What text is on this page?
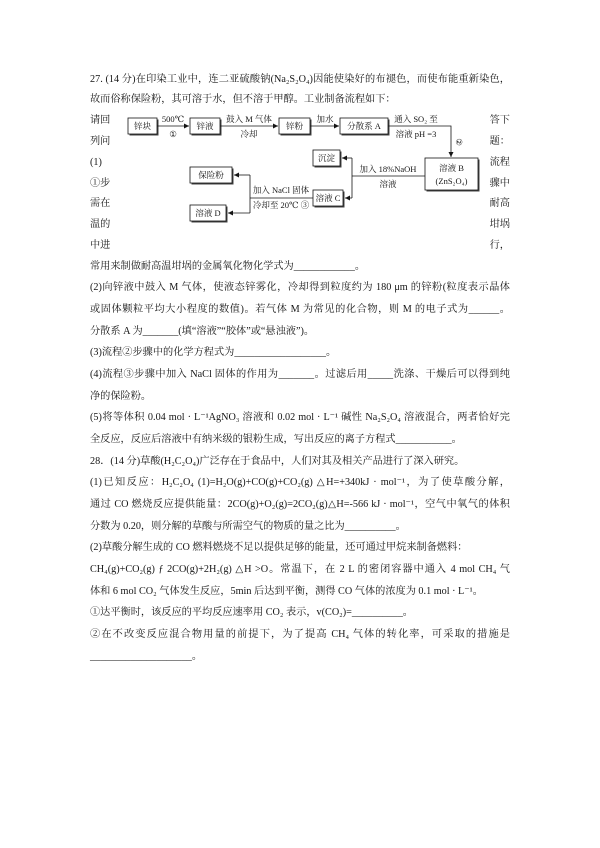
27. (14 分)在印染工业中，连二亚硫酸钠(Na₂S₂O₄)因能使染好的布褪色，而使布能重新染色，
故而俗称保险粉，其可溶于水，但不溶于甲醇。工业制备流程如下：
请回	答下
列问	题：
(1)	流程
①步	骤中
需在	耐高
温的	坩埚
中进	行，
常用来制做耐高温坩埚的金属氧化物化学式为____________。
锌块	锌液	锌粉	分散系 A
溶液 B
(ZnS₂O₄)
沉淀
溶液 C
保险粉
溶液 D
500℃
①
鼓入 M 气体
冷却
加水	通入 SO₂ 至
溶液 pH =3
②
加入 18%NaOH
溶液
加入 NaCl 固体
冷却至 20℃ ③
(2)向锌液中鼓入 M 气体，使液态锌雾化，冷却得到粒度约为 180 μm 的锌粉(粒度表示晶体
或固体颗粒平均大小程度的数值)。若气体 M 为常见的化合物，则 M 的电子式为______。
分散系 A 为_______(填“溶液”“胶体”或“悬浊液”)。
(3)流程②步骤中的化学方程式为__________________。
(4)流程③步骤中加入 NaCl 固体的作用为_______。过滤后用_____洗涤、干燥后可以得到纯
净的保险粉。
(5)将等体积 0.04 mol · L⁻¹AgNO₃ 溶液和 0.02 mol · L⁻¹ 碱性 Na₂S₂O₄ 溶液混合，两者恰好完
全反应，反应后溶液中有纳米级的银粉生成，写出反应的离子方程式___________。
28．(14 分)草酸(H₂C₂O₄)广泛存在于食品中，人们对其及相关产品进行了深入研究。
(1)已知反应：H₂C₂O₄ (1)=H₂O(g)+CO(g)+CO₂(g) △H=+340kJ · mol⁻¹，为了使草酸分解，
通过 CO 燃烧反应提供能量：2CO(g)+O₂(g)=2CO₂(g)△H=-566 kJ · mol⁻¹，空气中氧气的体积
分数为 0.20，则分解的草酸与所需空气的物质的量之比为__________。
(2)草酸分解生成的 CO 燃料燃烧不足以提供足够的能量，还可通过甲烷来制备燃料：
CH₄(g)+CO₂(g) ƒ 2CO(g)+2H₂(g) △H >O。常温下，在 2 L 的密闭容器中通入 4 mol CH₄ 气
体和 6 mol CO₂ 气体发生反应，5min 后达到平衡，测得 CO 气体的浓度为 0.1 mol · L⁻¹。
①达平衡时，该反应的平均反应速率用 CO₂ 表示，v(CO₂)=__________。
②在不改变反应混合物用量的前提下，为了提高 CH₄ 气体的转化率，可采取的措施是
____________________。
